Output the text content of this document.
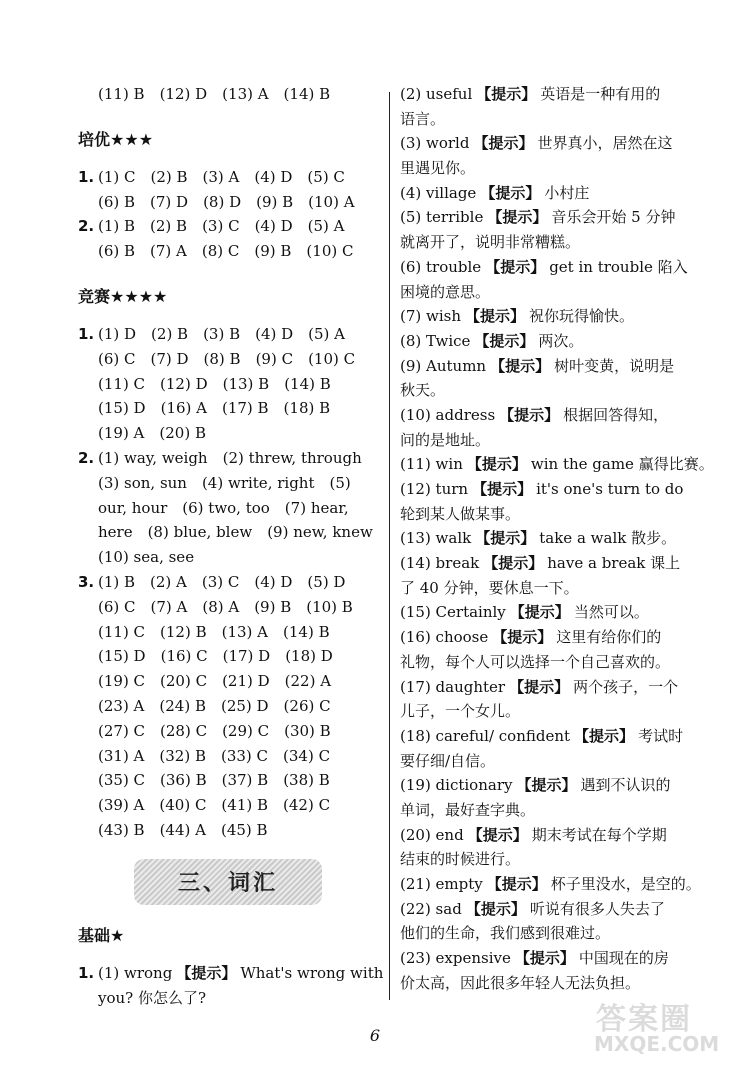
(11) B　(12) D　(13) A　(14) B
培优★★★
1. (1) C　(2) B　(3) A　(4) D　(5) C
(6) B　(7) D　(8) D　(9) B　(10) A
2. (1) B　(2) B　(3) C　(4) D　(5) A
(6) B　(7) A　(8) C　(9) B　(10) C
竞赛★★★★
1. (1) D　(2) B　(3) B　(4) D　(5) A
(6) C　(7) D　(8) B　(9) C　(10) C
(11) C　(12) D　(13) B　(14) B
(15) D　(16) A　(17) B　(18) B
(19) A　(20) B
2. (1) way, weigh　(2) threw, through
(3) son, sun　(4) write, right　(5)
our, hour　(6) two, too　(7) hear,
here　(8) blue, blew　(9) new, knew
(10) sea, see
3. (1) B　(2) A　(3) C　(4) D　(5) D
(6) C　(7) A　(8) A　(9) B　(10) B
(11) C　(12) B　(13) A　(14) B
(15) D　(16) C　(17) D　(18) D
(19) C　(20) C　(21) D　(22) A
(23) A　(24) B　(25) D　(26) C
(27) C　(28) C　(29) C　(30) B
(31) A　(32) B　(33) C　(34) C
(35) C　(36) B　(37) B　(38) B
(39) A　(40) C　(41) B　(42) C
(43) B　(44) A　(45) B
三、词汇
基础★
1. (1) wrong 【提示】 What's wrong with
you? 你怎么了?
(2) useful 【提示】 英语是一种有用的
语言。
(3) world 【提示】 世界真小，居然在这
里遇见你。
(4) village 【提示】 小村庄
(5) terrible 【提示】 音乐会开始 5 分钟
就离开了，说明非常糟糕。
(6) trouble 【提示】 get in trouble 陷入
困境的意思。
(7) wish 【提示】 祝你玩得愉快。
(8) Twice 【提示】 两次。
(9) Autumn 【提示】 树叶变黄，说明是
秋天。
(10) address 【提示】 根据回答得知，
问的是地址。
(11) win 【提示】 win the game 赢得比赛。
(12) turn 【提示】 it's one's turn to do
轮到某人做某事。
(13) walk 【提示】 take a walk 散步。
(14) break 【提示】 have a break 课上
了 40 分钟，要休息一下。
(15) Certainly 【提示】 当然可以。
(16) choose 【提示】 这里有给你们的
礼物，每个人可以选择一个自己喜欢的。
(17) daughter 【提示】 两个孩子，一个
儿子，一个女儿。
(18) careful/ confident 【提示】 考试时
要仔细/自信。
(19) dictionary 【提示】 遇到不认识的
单词，最好查字典。
(20) end 【提示】 期末考试在每个学期
结束的时候进行。
(21) empty 【提示】 杯子里没水，是空的。
(22) sad 【提示】 听说有很多人失去了
他们的生命，我们感到很难过。
(23) expensive 【提示】 中国现在的房
价太高，因此很多年轻人无法负担。
6	答案圈
MXQE.COM
